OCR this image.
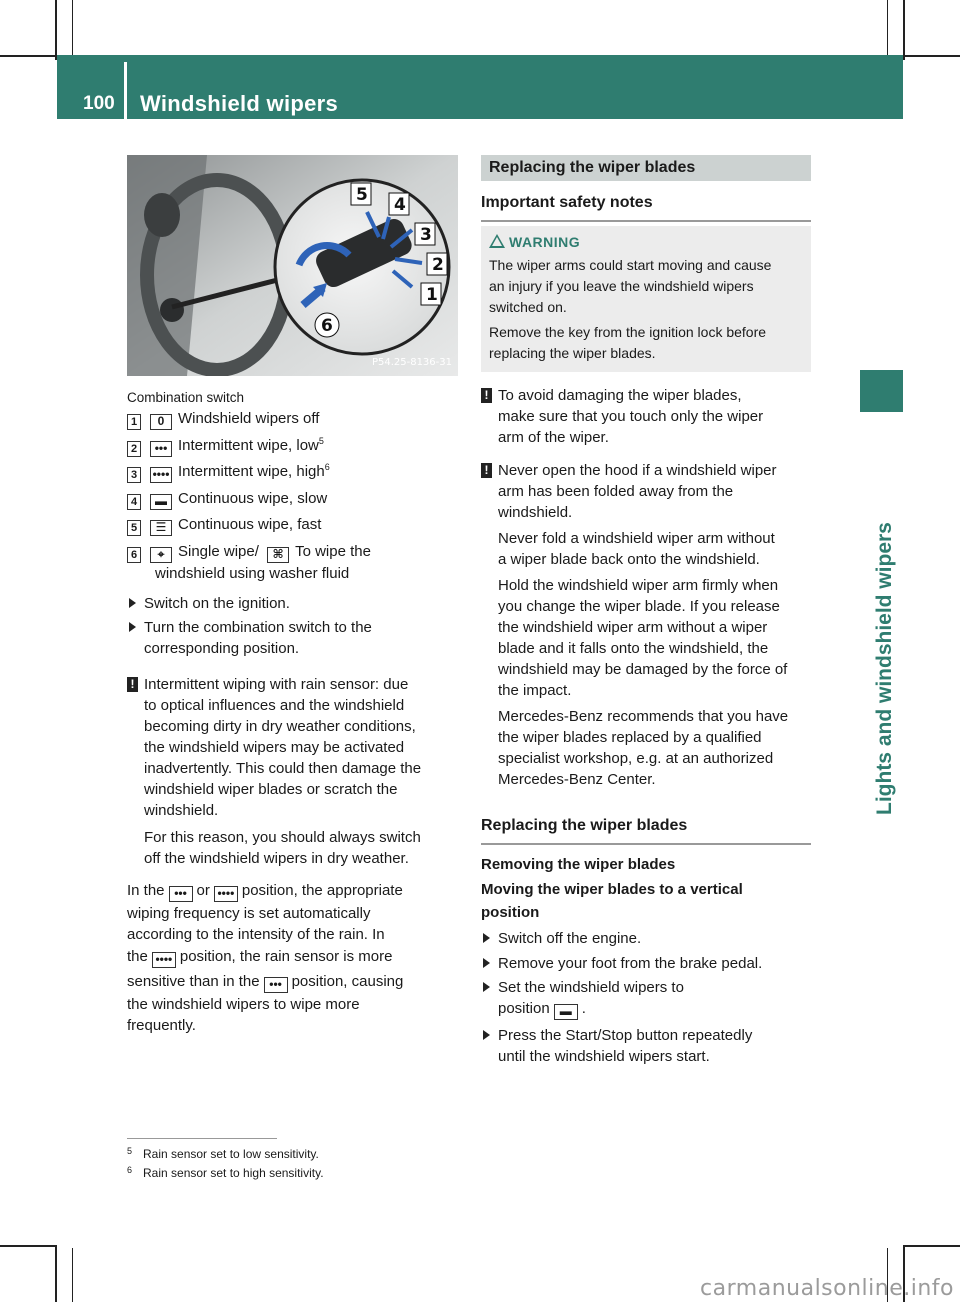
100	Windshield wipers
Lights and windshield wipers
5 4
3
2
1
6
P54.25-8136-31
Combination switch
1 0 Windshield wipers off
2 ••• Intermittent wipe, low$^5$
3 •••• Intermittent wipe, high$^6$
4 ▬ Continuous wipe, slow
5 ☰ Continuous wipe, fast
6 ⌖ Single wipe/ ⌘ To wipe the
windshield using washer fluid
Switch on the ignition.
Turn the combination switch to the
corresponding position.
! Intermittent wiping with rain sensor: due
to optical influences and the windshield
becoming dirty in dry weather conditions,
the windshield wipers may be activated
inadvertently. This could then damage the
windshield wiper blades or scratch the
windshield.
For this reason, you should always switch
off the windshield wipers in dry weather.
In the ••• or •••• position, the appropriate
wiping frequency is set automatically
according to the intensity of the rain. In
the •••• position, the rain sensor is more
sensitive than in the ••• position, causing
the windshield wipers to wipe more
frequently.
Replacing the wiper blades
Important safety notes
WARNING

The wiper arms could start moving and cause
an injury if you leave the windshield wipers
switched on.

Remove the key from the ignition lock before
replacing the wiper blades.

! To avoid damaging the wiper blades,
make sure that you touch only the wiper
arm of the wiper.
! Never open the hood if a windshield wiper
arm has been folded away from the
windshield.
Never fold a windshield wiper arm without
a wiper blade back onto the windshield.
Hold the windshield wiper arm firmly when
you change the wiper blade. If you release
the windshield wiper arm without a wiper
blade and it falls onto the windshield, the
windshield may be damaged by the force of
the impact.
Mercedes-Benz recommends that you have
the wiper blades replaced by a qualified
specialist workshop, e.g. at an authorized
Mercedes-Benz Center.
Replacing the wiper blades
Removing the wiper blades
Moving the wiper blades to a vertical
position
Switch off the engine.
Remove your foot from the brake pedal.
Set the windshield wipers to
position ▬ .
Press the Start/Stop button repeatedly
until the windshield wipers start.
5 Rain sensor set to low sensitivity.
6 Rain sensor set to high sensitivity.
carmanualsonline.info
